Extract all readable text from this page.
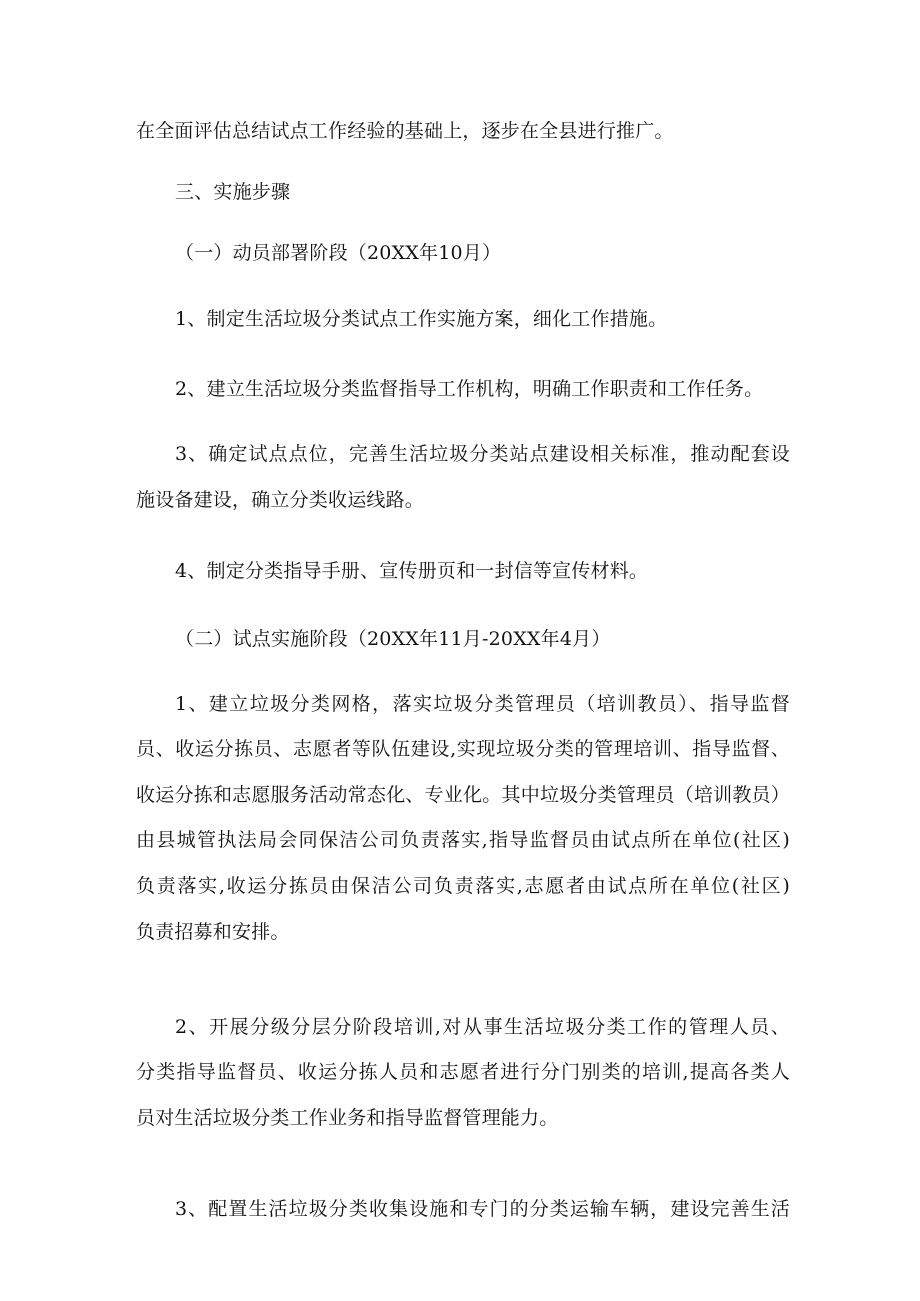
在全面评估总结试点工作经验的基础上，逐步在全县进行推广。
三、实施步骤
（一）动员部署阶段（20XX年10月）
1、制定生活垃圾分类试点工作实施方案，细化工作措施。
2、建立生活垃圾分类监督指导工作机构，明确工作职责和工作任务。
3、确定试点点位，完善生活垃圾分类站点建设相关标准，推动配套设
施设备建设，确立分类收运线路。
4、制定分类指导手册、宣传册页和一封信等宣传材料。
（二）试点实施阶段（20XX年11月-20XX年4月）
1、建立垃圾分类网格，落实垃圾分类管理员（培训教员）、指导监督
员、收运分拣员、志愿者等队伍建设,实现垃圾分类的管理培训、指导监督、
收运分拣和志愿服务活动常态化、专业化。其中垃圾分类管理员（培训教员）
由县城管执法局会同保洁公司负责落实,指导监督员由试点所在单位(社区)
负责落实,收运分拣员由保洁公司负责落实,志愿者由试点所在单位(社区)
负责招募和安排。
2、开展分级分层分阶段培训,对从事生活垃圾分类工作的管理人员、
分类指导监督员、收运分拣人员和志愿者进行分门别类的培训,提高各类人
员对生活垃圾分类工作业务和指导监督管理能力。
3、配置生活垃圾分类收集设施和专门的分类运输车辆，建设完善生活
